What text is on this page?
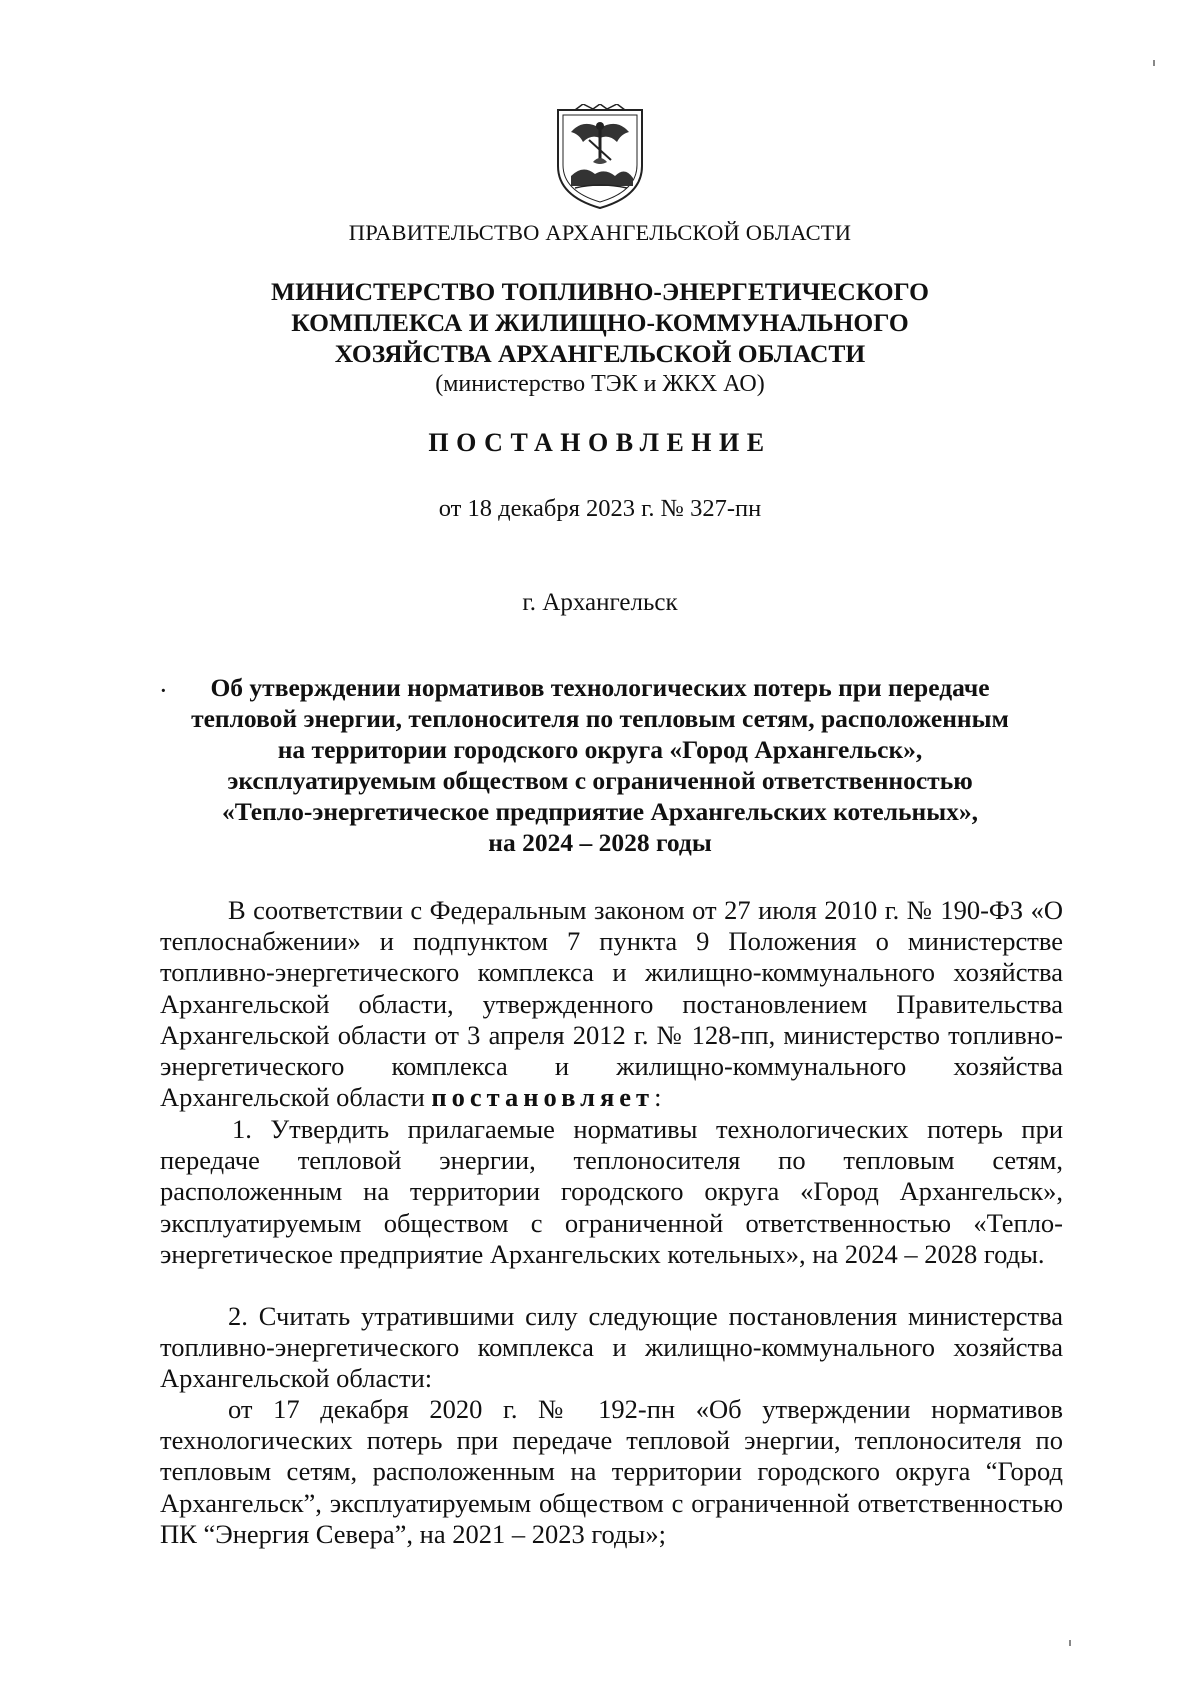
ПРАВИТЕЛЬСТВО АРХАНГЕЛЬСКОЙ ОБЛАСТИ
МИНИСТЕРСТВО ТОПЛИВНО-ЭНЕРГЕТИЧЕСКОГО
КОМПЛЕКСА И ЖИЛИЩНО-КОММУНАЛЬНОГО
ХОЗЯЙСТВА АРХАНГЕЛЬСКОЙ ОБЛАСТИ
(министерство ТЭК и ЖКХ АО)
ПОСТАНОВЛЕНИЕ
от 18 декабря 2023 г. № 327-пн
г. Архангельск
·	Об утверждении нормативов технологических потерь при передаче
тепловой энергии, теплоносителя по тепловым сетям, расположенным
на территории городского округа «Город Архангельск»,
эксплуатируемым обществом с ограниченной ответственностью
«Тепло-энергетическое предприятие Архангельских котельных»,
на 2024 – 2028 годы

В соответствии с Федеральным законом от 27 июля 2010 г. № 190-ФЗ «О теплоснабжении» и подпунктом 7 пункта 9 Положения о министерстве топливно-энергетического комплекса и жилищно-коммунального хозяйства Архангельской области, утвержденного постановлением Правительства Архангельской области от 3 апреля 2012 г. № 128-пп, министерство топливно-энергетического комплекса и жилищно-коммунального хозяйства Архангельской области постановляет:

1. Утвердить прилагаемые нормативы технологических потерь при передаче тепловой энергии, теплоносителя по тепловым сетям, расположенным на территории городского округа «Город Архангельск», эксплуатируемым обществом с ограниченной ответственностью «Тепло-энергетическое предприятие Архангельских котельных», на 2024 – 2028 годы.

2. Считать утратившими силу следующие постановления министерства топливно-энергетического комплекса и жилищно-коммунального хозяйства Архангельской области:

от 17 декабря 2020 г. № 192-пн «Об утверждении нормативов технологических потерь при передаче тепловой энергии, теплоносителя по тепловым сетям, расположенным на территории городского округа “Город Архангельск”, эксплуатируемым обществом с ограниченной ответственностью ПК “Энергия Севера”, на 2021 – 2023 годы»;
